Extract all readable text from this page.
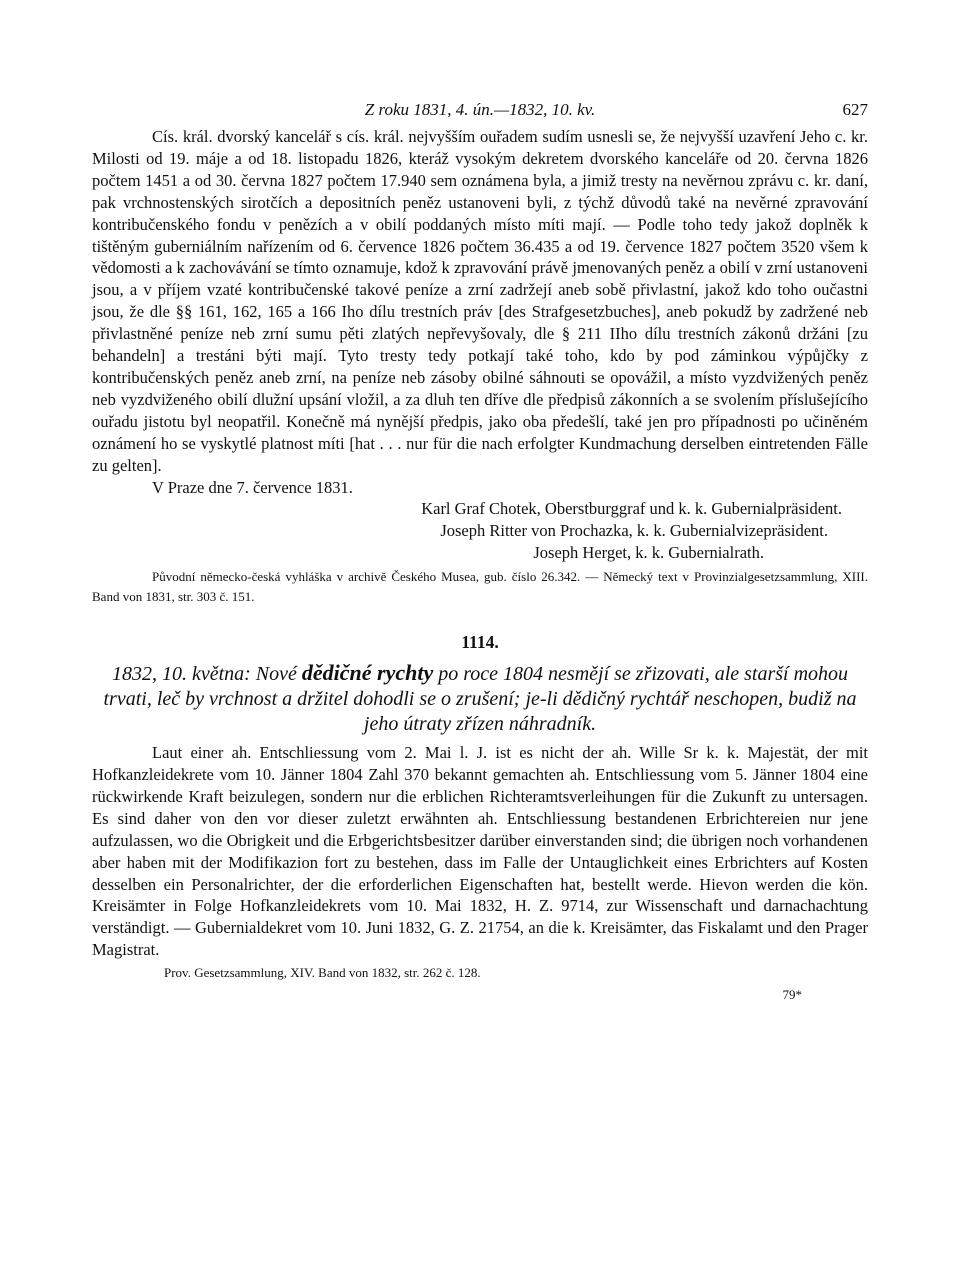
Z roku 1831, 4. ún.—1832, 10. kv.	627

Cís. král. dvorský kancelář s cís. král. nejvyšším ouřadem sudím usnesli se, že nejvyšší uzavření Jeho c. kr. Milosti od 19. máje a od 18. listopadu 1826, kteráž vysokým dekretem dvorského kanceláře od 20. června 1826 počtem 1451 a od 30. června 1827 počtem 17.940 sem oznámena byla, a jimiž tresty na nevěrnou zprávu c. kr. daní, pak vrchnostenských sirotčích a depositních peněz ustanoveni byli, z týchž důvodů také na nevěrné zpravování kontribučenského fondu v penězích a v obilí poddaných místo míti mají. — Podle toho tedy jakož doplněk k tištěným guberniálním nařízením od 6. července 1826 počtem 36.435 a od 19. července 1827 počtem 3520 všem k vědomosti a k zachovávání se tímto oznamuje, kdož k zpravování právě jmenovaných peněz a obilí v zrní ustanoveni jsou, a v příjem vzaté kontribučenské takové peníze a zrní zadržejí aneb sobě přivlastní, jakož kdo toho oučastni jsou, že dle §§ 161, 162, 165 a 166 Iho dílu trestních práv [des Strafgesetzbuches], aneb pokudž by zadržené neb přivlastněné peníze neb zrní sumu pěti zlatých nepřevyšovaly, dle § 211 IIho dílu trestních zákonů držáni [zu behandeln] a trestáni býti mají. Tyto tresty tedy potkají také toho, kdo by pod záminkou výpůjčky z kontribučenských peněz aneb zrní, na peníze neb zásoby obilné sáhnouti se opovážil, a místo vyzdvižených peněz neb vyzdviženého obilí dlužní upsání vložil, a za dluh ten dříve dle předpisů zákonních a se svolením příslušejícího ouřadu jistotu byl neopatřil. Konečně má nynější předpis, jako oba předešlí, také jen pro případnosti po učiněném oznámení ho se vyskytlé platnost míti [hat . . . nur für die nach erfolgter Kundmachung derselben eintretenden Fälle zu gelten].

V Praze dne 7. července 1831.

Karl Graf Chotek, Oberstburggraf und k. k. Gubernialpräsident.
Joseph Ritter von Prochazka, k. k. Gubernialvizepräsident.
Joseph Herget, k. k. Gubernialrath.

Původní německo-česká vyhláška v archivě Českého Musea, gub. číslo 26.342. — Německý text v Provinzialgesetzsammlung, XIII. Band von 1831, str. 303 č. 151.

1114.
1832, 10. května: Nové dědičné rychty po roce 1804 nesmějí se zřizovati, ale starší mohou trvati, leč by vrchnost a držitel dohodli se o zrušení; je-li dědičný rychtář neschopen, budiž na jeho útraty zřízen náhradník.

Laut einer ah. Entschliessung vom 2. Mai l. J. ist es nicht der ah. Wille Sr k. k. Majestät, der mit Hofkanzleidekrete vom 10. Jänner 1804 Zahl 370 bekannt gemachten ah. Entschliessung vom 5. Jänner 1804 eine rückwirkende Kraft beizulegen, sondern nur die erblichen Richteramtsverleihungen für die Zukunft zu untersagen. Es sind daher von den vor dieser zuletzt erwähnten ah. Entschliessung bestandenen Erbrichtereien nur jene aufzulassen, wo die Obrigkeit und die Erbgerichtsbesitzer darüber einverstanden sind; die übrigen noch vorhandenen aber haben mit der Modifikazion fort zu bestehen, dass im Falle der Untauglichkeit eines Erbrichters auf Kosten desselben ein Personalrichter, der die erforderlichen Eigenschaften hat, bestellt werde. Hievon werden die kön. Kreisämter in Folge Hofkanzleidekrets vom 10. Mai 1832, H. Z. 9714, zur Wissenschaft und darnachachtung verständigt. — Gubernialdekret vom 10. Juni 1832, G. Z. 21754, an die k. Kreisämter, das Fiskalamt und den Prager Magistrat.

Prov. Gesetzsammlung, XIV. Band von 1832, str. 262 č. 128.

79*
